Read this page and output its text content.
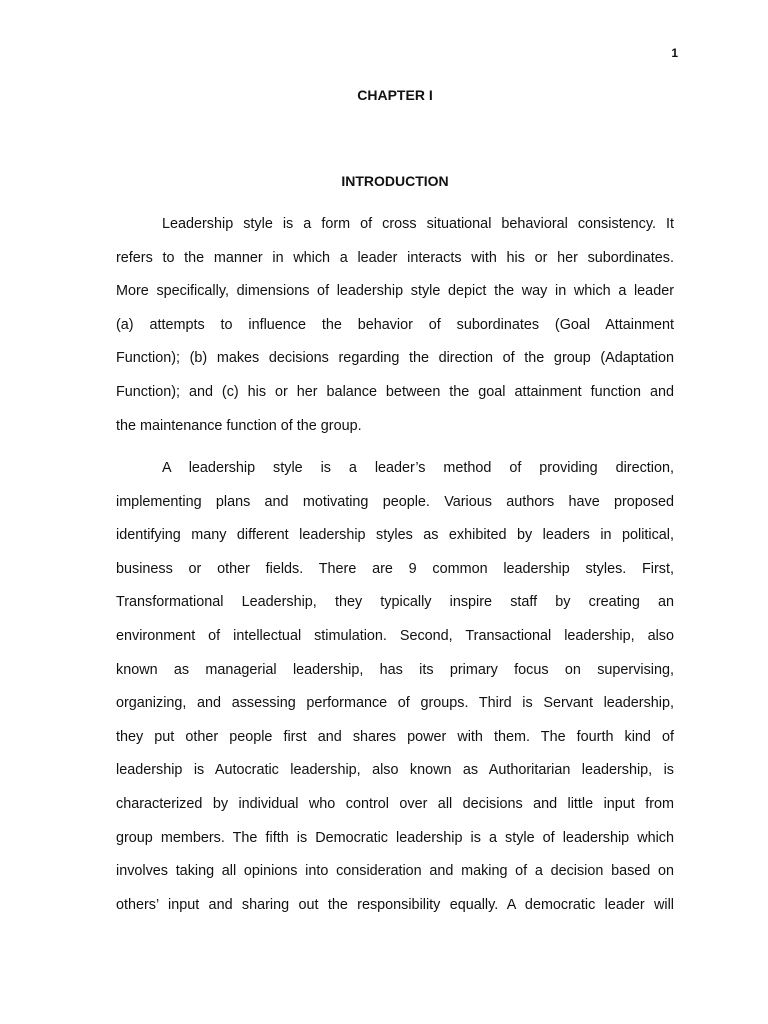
1
CHAPTER I
INTRODUCTION
Leadership style is a form of cross situational behavioral consistency. It
refers to the manner in which a leader interacts with his or her subordinates.
More specifically, dimensions of leadership style depict the way in which a leader
(a) attempts to influence the behavior of subordinates (Goal Attainment
Function); (b) makes decisions regarding the direction of the group (Adaptation
Function); and (c) his or her balance between the goal attainment function and
the maintenance function of the group.
A leadership style is a leader’s method of providing direction,
implementing plans and motivating people. Various authors have proposed
identifying many different leadership styles as exhibited by leaders in political,
business or other fields. There are 9 common leadership styles. First,
Transformational Leadership, they typically inspire staff by creating an
environment of intellectual stimulation. Second, Transactional leadership, also
known as managerial leadership, has its primary focus on supervising,
organizing, and assessing performance of groups. Third is Servant leadership,
they put other people first and shares power with them. The fourth kind of
leadership is Autocratic leadership, also known as Authoritarian leadership, is
characterized by individual who control over all decisions and little input from
group members. The fifth is Democratic leadership is a style of leadership which
involves taking all opinions into consideration and making of a decision based on
others’ input and sharing out the responsibility equally. A democratic leader will
